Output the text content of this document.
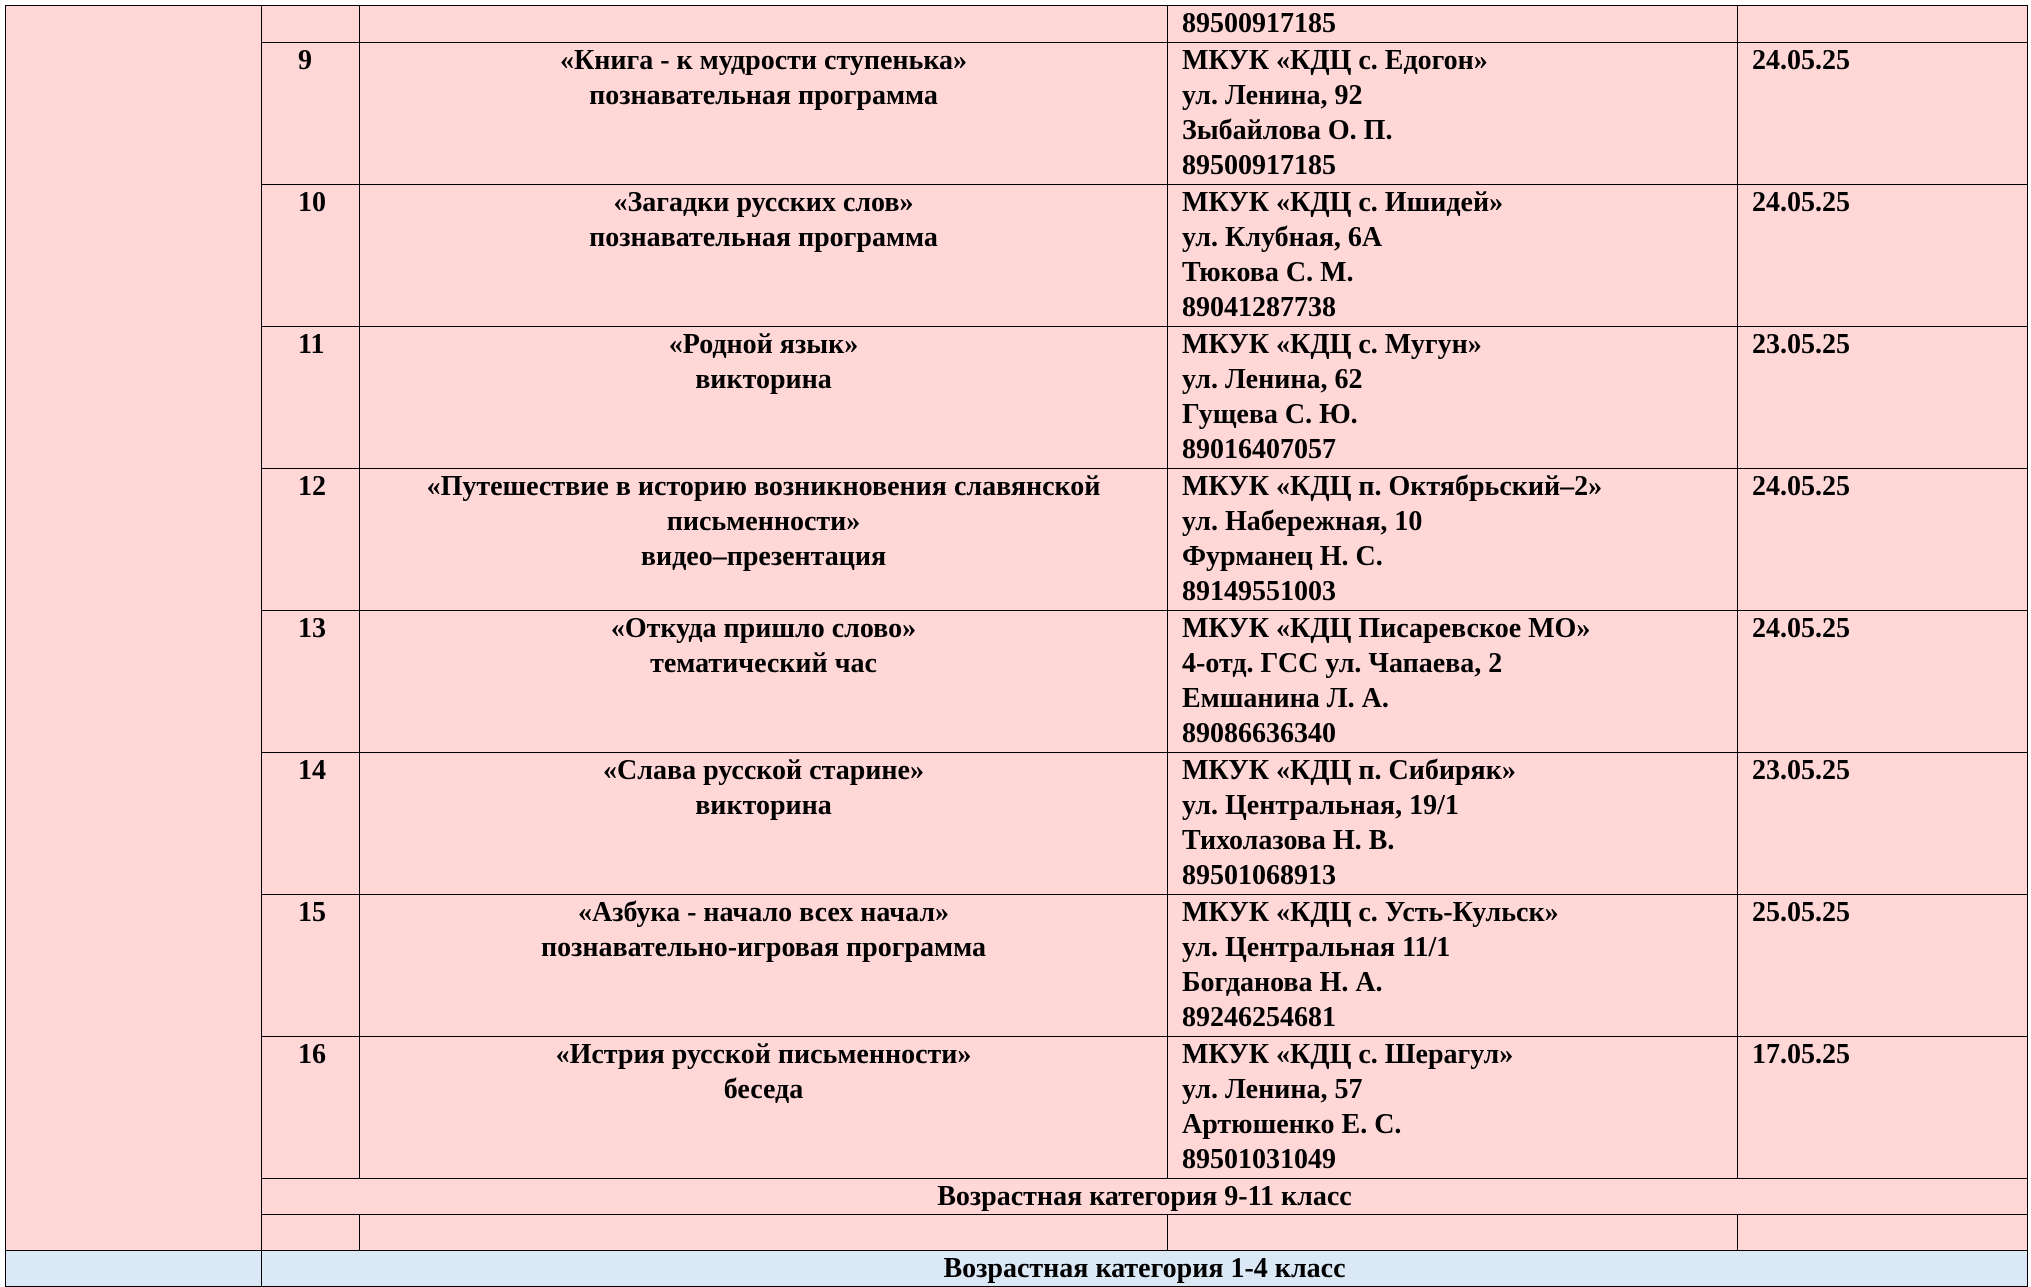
			89500917185	

	9	«Книга - к мудрости ступенька»
познавательная программа	МКУК «КДЦ с. Едогон»
ул. Ленина, 92
Зыбайлова О. П.
89500917185	24.05.25
	10	«Загадки русских слов»
познавательная программа	МКУК «КДЦ с. Ишидей»
ул. Клубная, 6А
Тюкова С. М.
89041287738	24.05.25
	11	«Родной язык»
викторина	МКУК «КДЦ с. Мугун»
ул. Ленина, 62
Гущева С. Ю.
89016407057	23.05.25
	12	«Путешествие в историю возникновения славянской
письменности»
видео–презентация	МКУК «КДЦ п. Октябрьский–2»
ул. Набережная, 10
Фурманец Н. С.
89149551003	24.05.25
	13	«Откуда пришло слово»
тематический час	МКУК «КДЦ Писаревское МО»
4-отд. ГСС ул. Чапаева, 2
Емшанина Л. А.
89086636340	24.05.25
	14	«Слава русской старине»
викторина	МКУК «КДЦ п. Сибиряк»
ул. Центральная, 19/1
Тихолазова Н. В.
89501068913	23.05.25
	15	«Азбука - начало всех начал»
познавательно-игровая программа	МКУК «КДЦ с. Усть-Кульск»
ул. Центральная 11/1
Богданова Н. А.
89246254681	25.05.25
	16	«Истрия русской письменности»
беседа	МКУК «КДЦ с. Шерагул»
ул. Ленина, 57
Артюшенко Е. С.
89501031049	17.05.25
	Возрастная категория 9-11 класс			

	Возрастная категория 1-4 класс			
